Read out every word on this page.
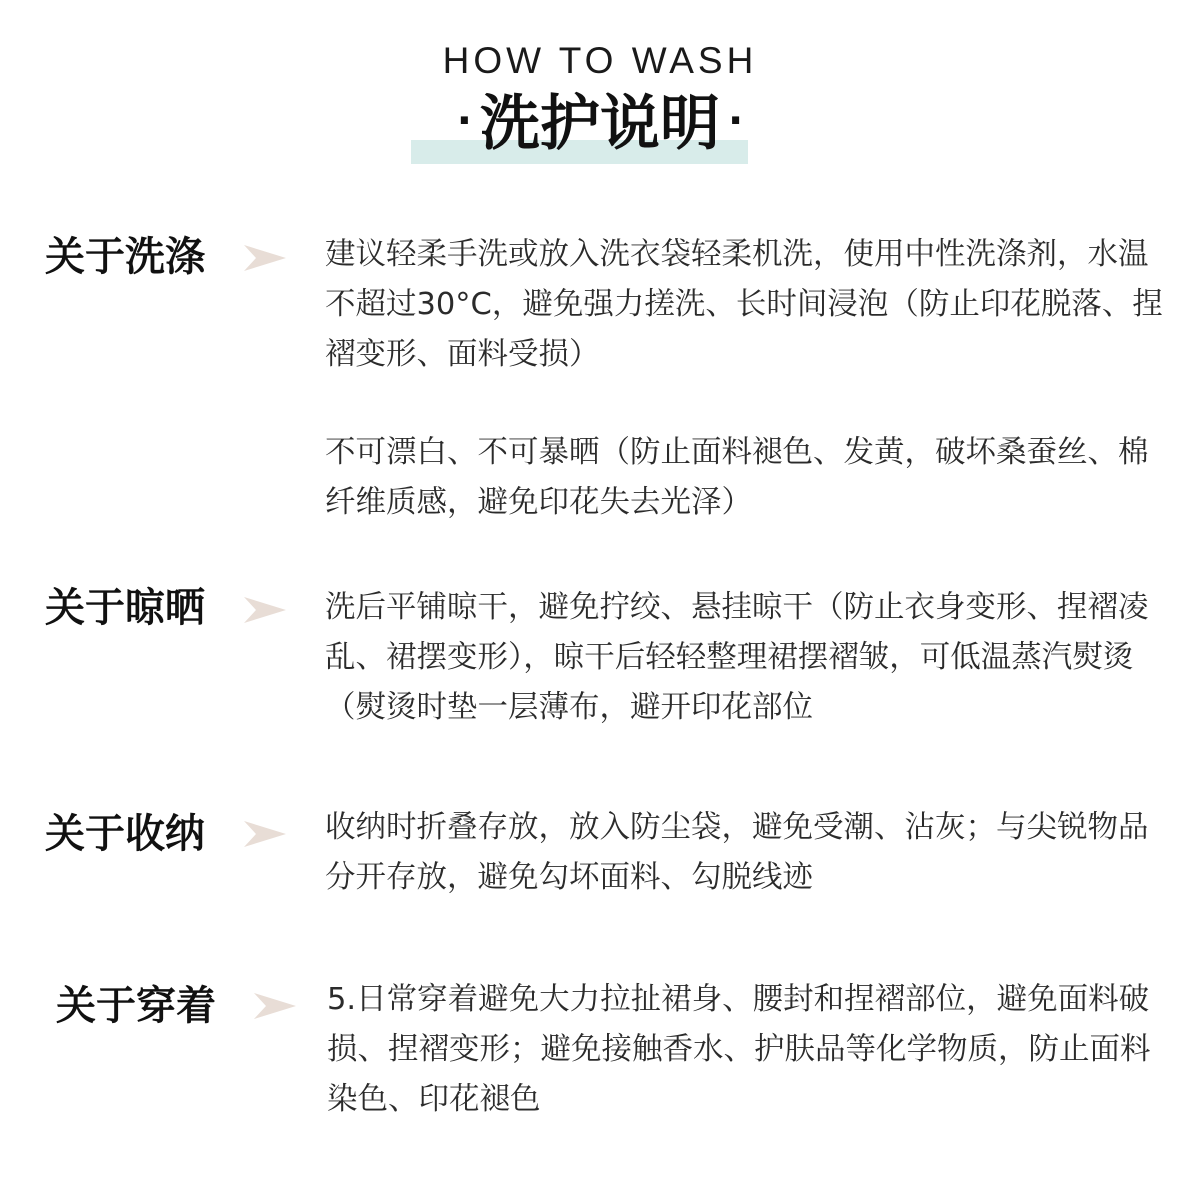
HOW TO WASH
· 洗护说明 ·
关于洗涤	建议轻柔手洗或放入洗衣袋轻柔机洗，使用中性洗涤剂，水温不超过30°C，避免强力搓洗、长时间浸泡（防止印花脱落、捏褶变形、面料受损）

不可漂白、不可暴晒（防止面料褪色、发黄，破坏桑蚕丝、棉纤维质感，避免印花失去光泽）

关于晾晒	洗后平铺晾干，避免拧绞、悬挂晾干（防止衣身变形、捏褶凌乱、裙摆变形），晾干后轻轻整理裙摆褶皱，可低温蒸汽熨烫（熨烫时垫一层薄布，避开印花部位

关于收纳	收纳时折叠存放，放入防尘袋，避免受潮、沾灰；与尖锐物品分开存放，避免勾坏面料、勾脱线迹

关于穿着	5.日常穿着避免大力拉扯裙身、腰封和捏褶部位，避免面料破损、捏褶变形；避免接触香水、护肤品等化学物质，防止面料染色、印花褪色
